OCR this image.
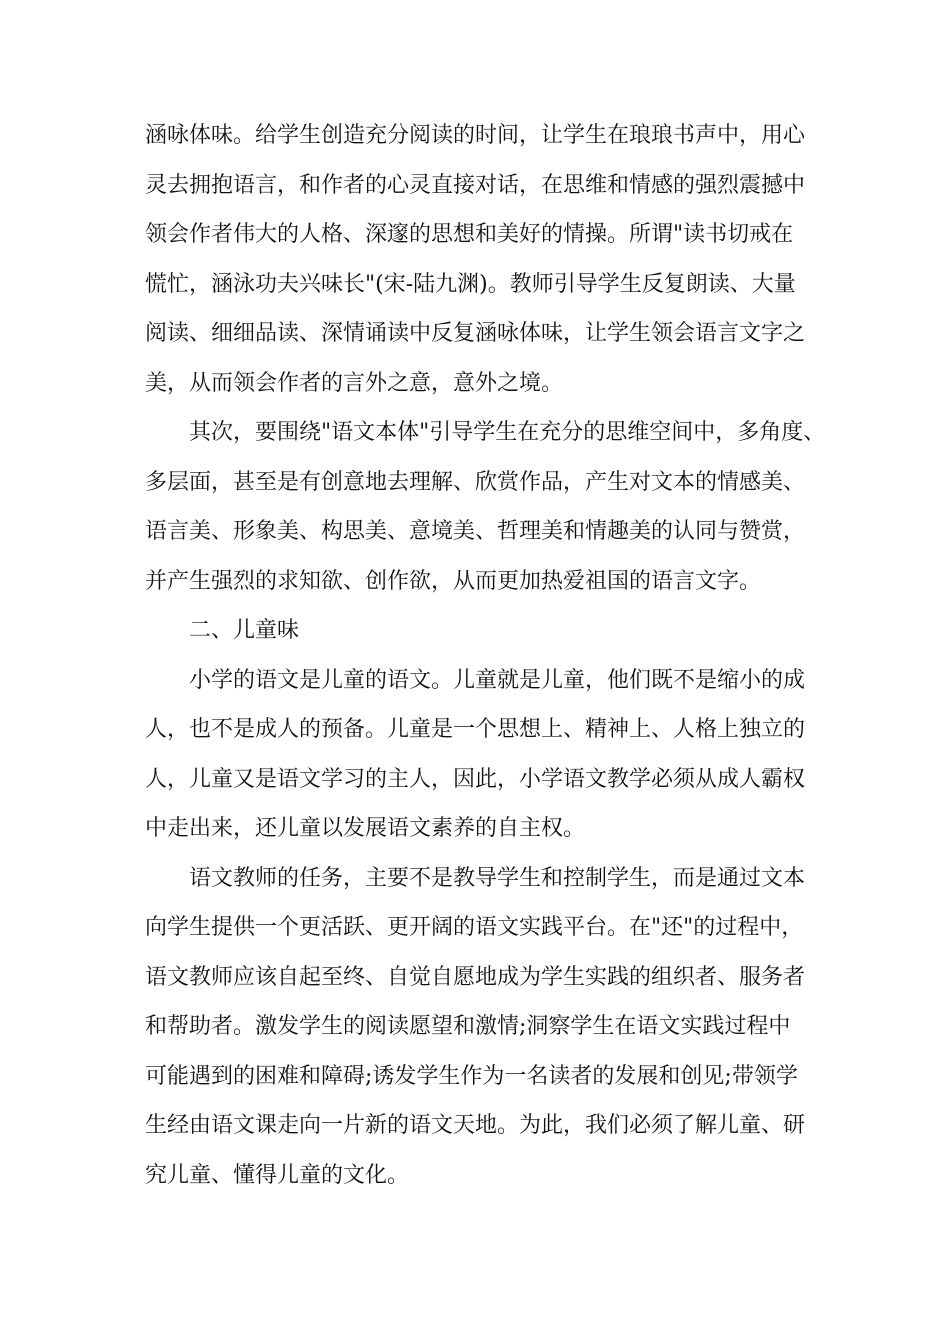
涵咏体味。给学生创造充分阅读的时间，让学生在琅琅书声中，用心
灵去拥抱语言，和作者的心灵直接对话，在思维和情感的强烈震撼中
领会作者伟大的人格、深邃的思想和美好的情操。所谓"读书切戒在
慌忙，涵泳功夫兴味长"(宋-陆九渊)。教师引导学生反复朗读、大量
阅读、细细品读、深情诵读中反复涵咏体味，让学生领会语言文字之
美，从而领会作者的言外之意，意外之境。
其次，要围绕"语文本体"引导学生在充分的思维空间中，多角度、
多层面，甚至是有创意地去理解、欣赏作品，产生对文本的情感美、
语言美、形象美、构思美、意境美、哲理美和情趣美的认同与赞赏，
并产生强烈的求知欲、创作欲，从而更加热爱祖国的语言文字。
二、儿童味
小学的语文是儿童的语文。儿童就是儿童，他们既不是缩小的成
人，也不是成人的预备。儿童是一个思想上、精神上、人格上独立的
人，儿童又是语文学习的主人，因此，小学语文教学必须从成人霸权
中走出来，还儿童以发展语文素养的自主权。
语文教师的任务，主要不是教导学生和控制学生，而是通过文本
向学生提供一个更活跃、更开阔的语文实践平台。在"还"的过程中，
语文教师应该自起至终、自觉自愿地成为学生实践的组织者、服务者
和帮助者。激发学生的阅读愿望和激情;洞察学生在语文实践过程中
可能遇到的困难和障碍;诱发学生作为一名读者的发展和创见;带领学
生经由语文课走向一片新的语文天地。为此，我们必须了解儿童、研
究儿童、懂得儿童的文化。
